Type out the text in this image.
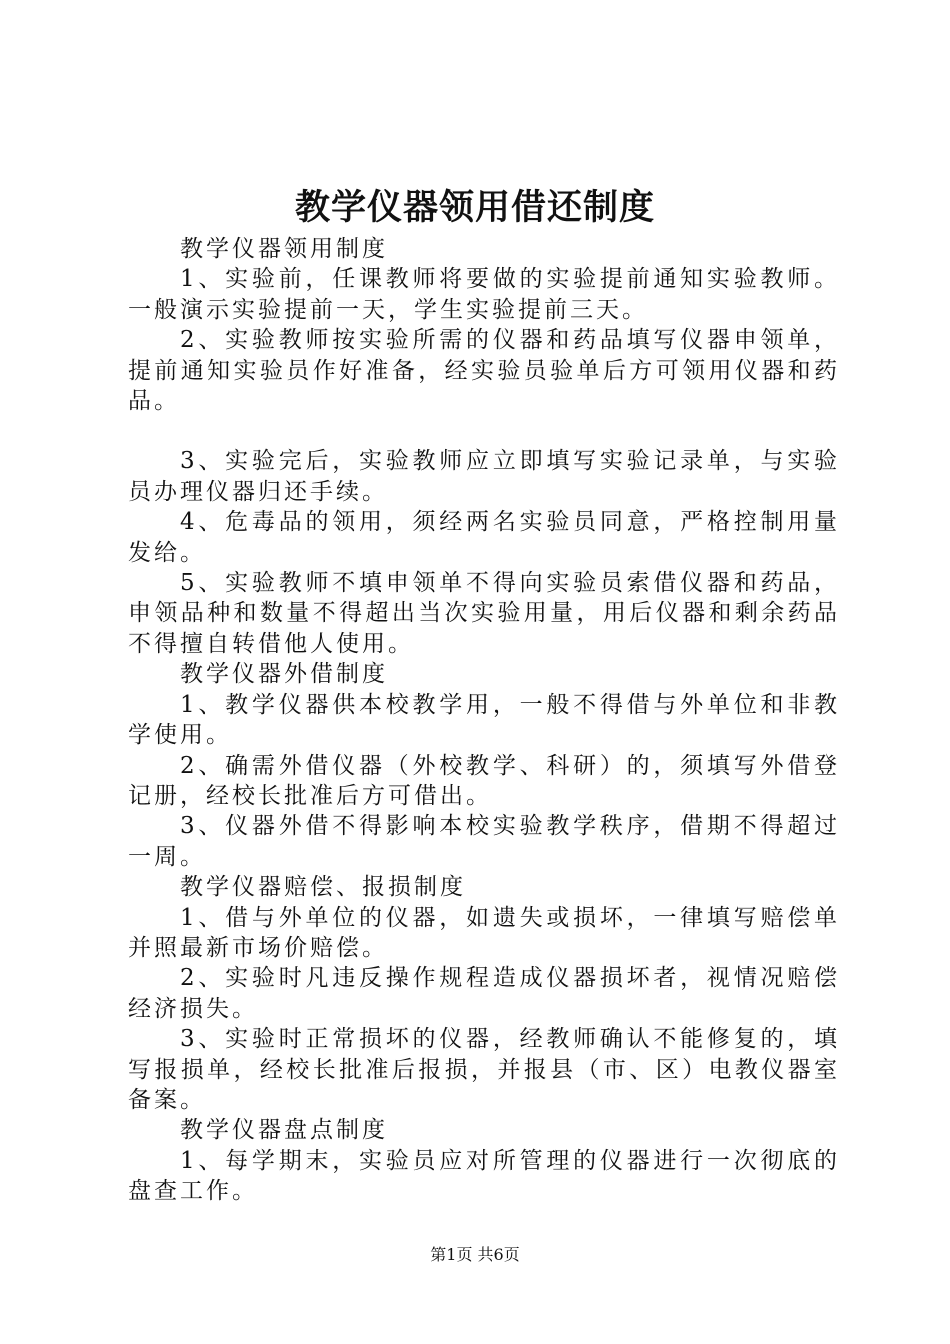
教学仪器领用借还制度

教学仪器领用制度

1、实验前，任课教师将要做的实验提前通知实验教师。一般演示实验提前一天，学生实验提前三天。

2、实验教师按实验所需的仪器和药品填写仪器申领单，提前通知实验员作好准备，经实验员验单后方可领用仪器和药品。

3、实验完后，实验教师应立即填写实验记录单，与实验员办理仪器归还手续。

4、危毒品的领用，须经两名实验员同意，严格控制用量发给。

5、实验教师不填申领单不得向实验员索借仪器和药品，申领品种和数量不得超出当次实验用量，用后仪器和剩余药品不得擅自转借他人使用。

教学仪器外借制度

1、教学仪器供本校教学用，一般不得借与外单位和非教学使用。

2、确需外借仪器（外校教学、科研）的，须填写外借登记册，经校长批准后方可借出。

3、仪器外借不得影响本校实验教学秩序，借期不得超过一周。

教学仪器赔偿、报损制度

1、借与外单位的仪器，如遗失或损坏，一律填写赔偿单并照最新市场价赔偿。

2、实验时凡违反操作规程造成仪器损坏者，视情况赔偿经济损失。

3、实验时正常损坏的仪器，经教师确认不能修复的，填写报损单，经校长批准后报损，并报县（市、区）电教仪器室备案。

教学仪器盘点制度

1、每学期末，实验员应对所管理的仪器进行一次彻底的盘查工作。

第1页 共6页
